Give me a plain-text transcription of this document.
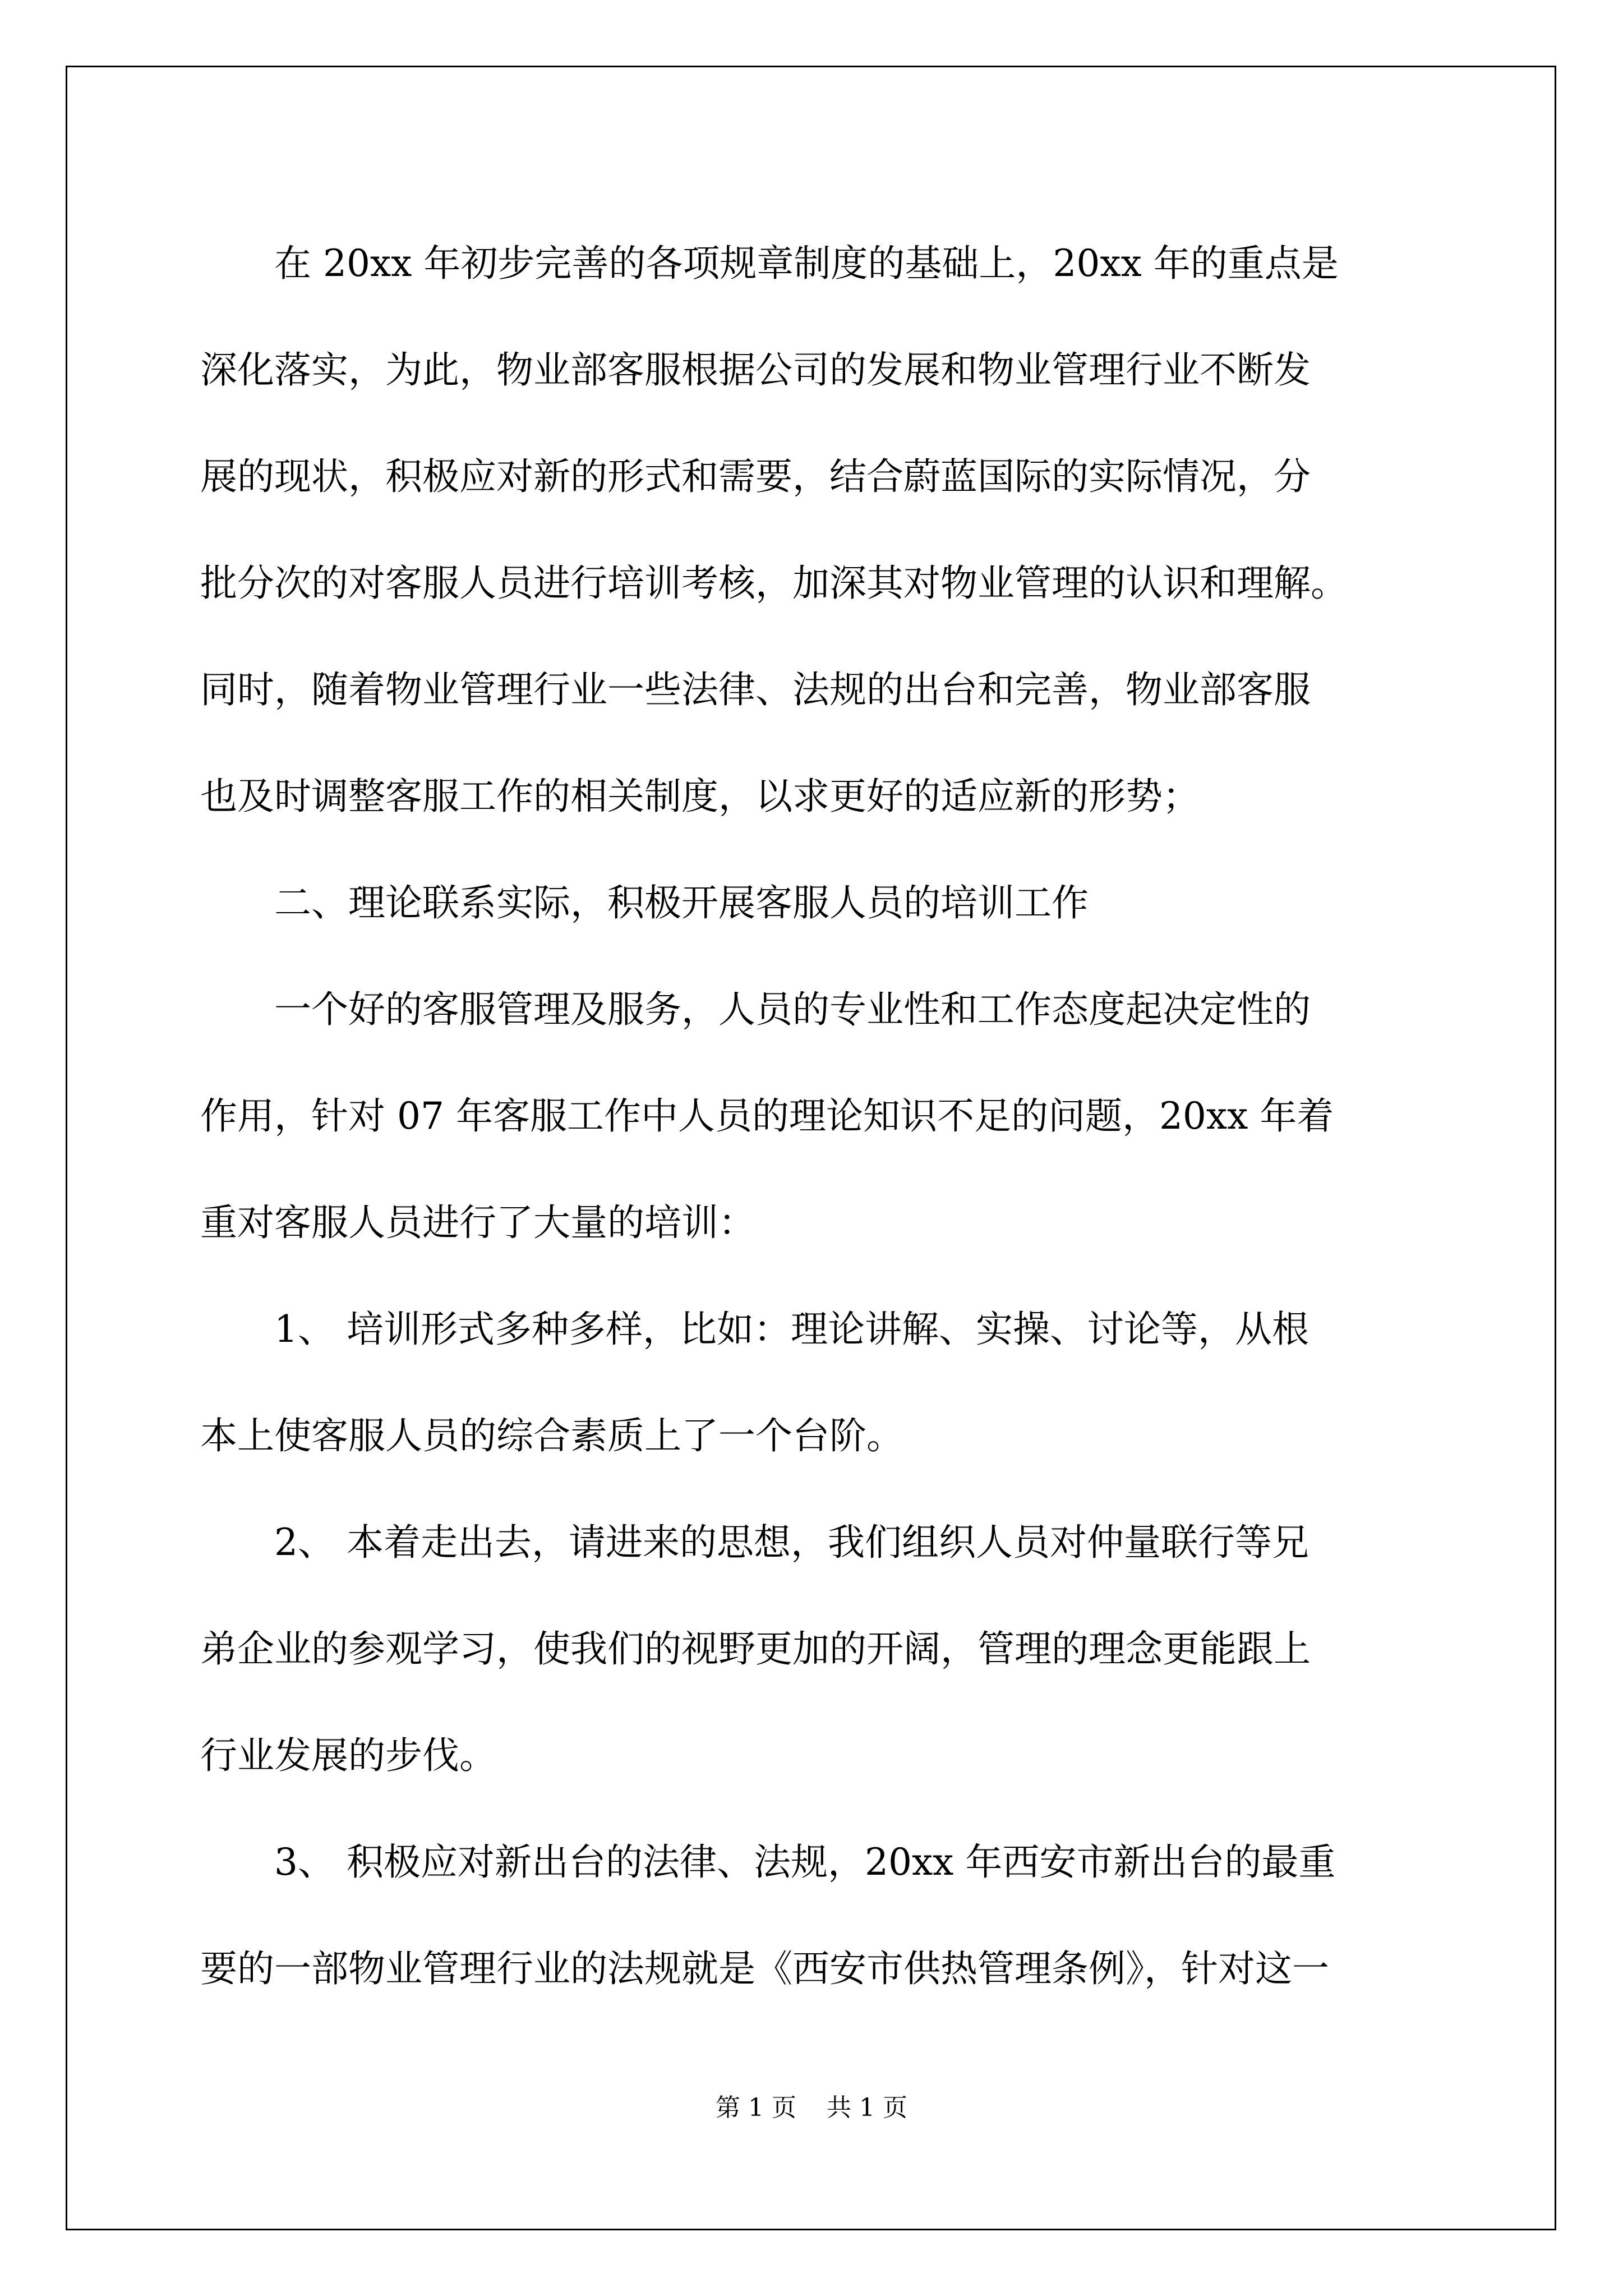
　　在 20xx 年初步完善的各项规章制度的基础上，20xx 年的重点是
深化落实，为此，物业部客服根据公司的发展和物业管理行业不断发
展的现状，积极应对新的形式和需要，结合蔚蓝国际的实际情况，分
批分次的对客服人员进行培训考核，加深其对物业管理的认识和理解。
同时，随着物业管理行业一些法律、法规的出台和完善，物业部客服
也及时调整客服工作的相关制度，以求更好的适应新的形势；
　　二、理论联系实际，积极开展客服人员的培训工作
　　一个好的客服管理及服务，人员的专业性和工作态度起决定性的
作用，针对 07 年客服工作中人员的理论知识不足的问题，20xx 年着
重对客服人员进行了大量的培训：
　　1、 培训形式多种多样，比如：理论讲解、实操、讨论等，从根
本上使客服人员的综合素质上了一个台阶。
　　2、 本着走出去，请进来的思想，我们组织人员对仲量联行等兄
弟企业的参观学习，使我们的视野更加的开阔，管理的理念更能跟上
行业发展的步伐。
　　3、 积极应对新出台的法律、法规，20xx 年西安市新出台的最重
要的一部物业管理行业的法规就是《西安市供热管理条例》，针对这一
第 1 页 共 1 页
